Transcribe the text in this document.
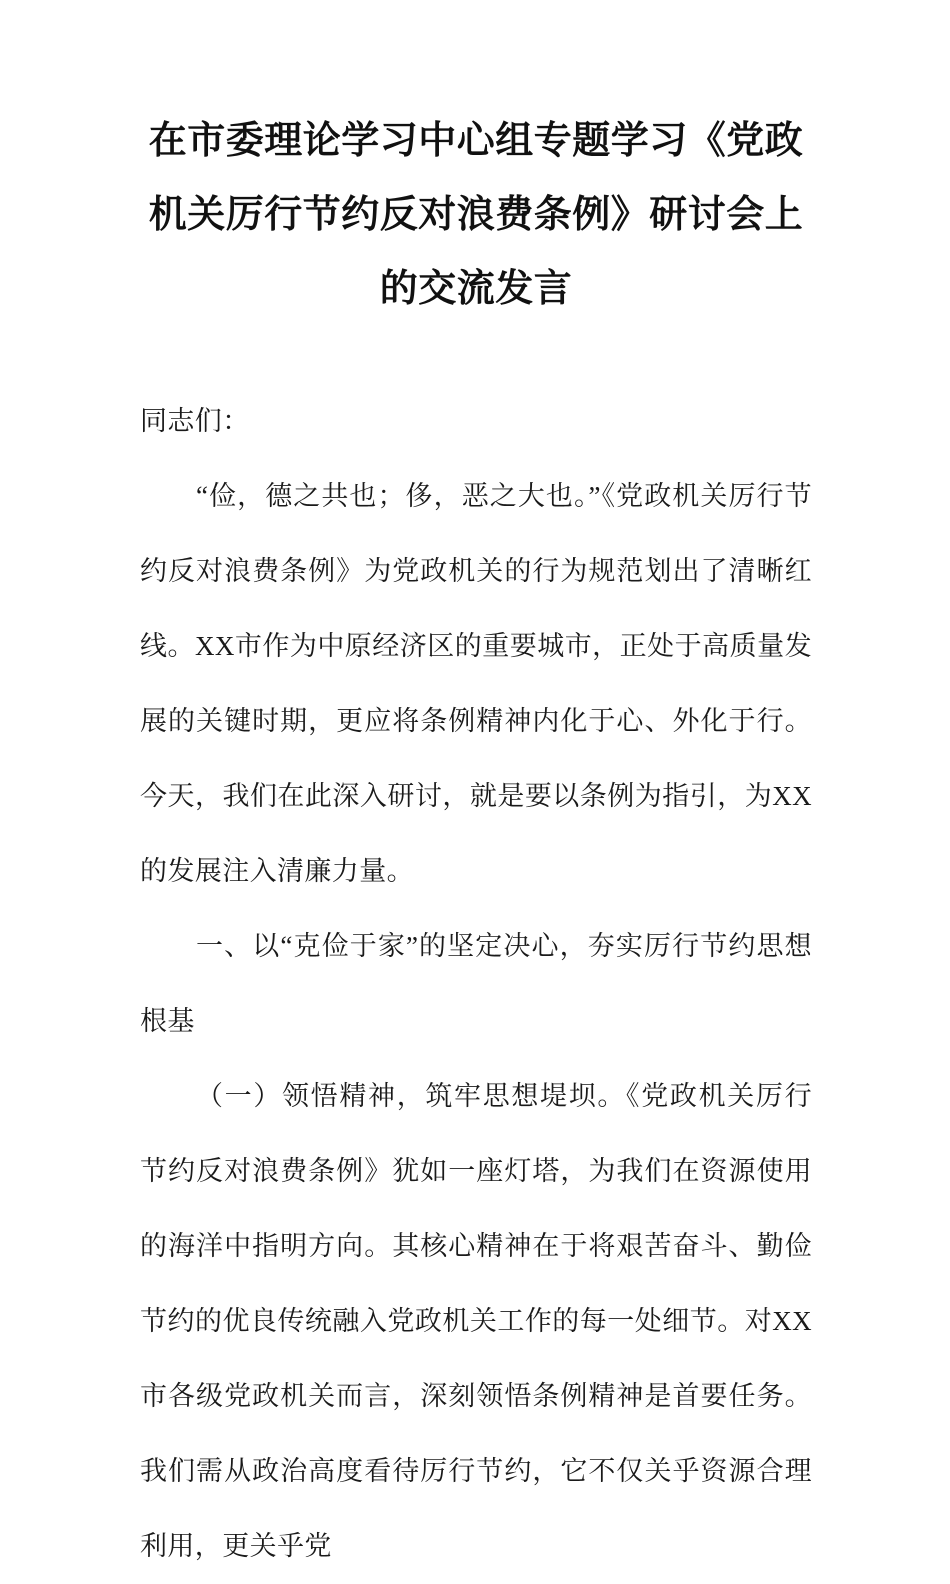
在市委理论学习中心组专题学习《党政机关厉行节约反对浪费条例》研讨会上的交流发言

同志们：

“俭，德之共也；侈，恶之大也。”《党政机关厉行节约反对浪费条例》为党政机关的行为规范划出了清晰红线。XX市作为中原经济区的重要城市，正处于高质量发展的关键时期，更应将条例精神内化于心、外化于行。今天，我们在此深入研讨，就是要以条例为指引，为XX的发展注入清廉力量。

一、以“克俭于家”的坚定决心，夯实厉行节约思想根基

（一）领悟精神，筑牢思想堤坝。《党政机关厉行节约反对浪费条例》犹如一座灯塔，为我们在资源使用的海洋中指明方向。其核心精神在于将艰苦奋斗、勤俭节约的优良传统融入党政机关工作的每一处细节。对XX市各级党政机关而言，深刻领悟条例精神是首要任务。我们需从政治高度看待厉行节约，它不仅关乎资源合理利用，更关乎党
